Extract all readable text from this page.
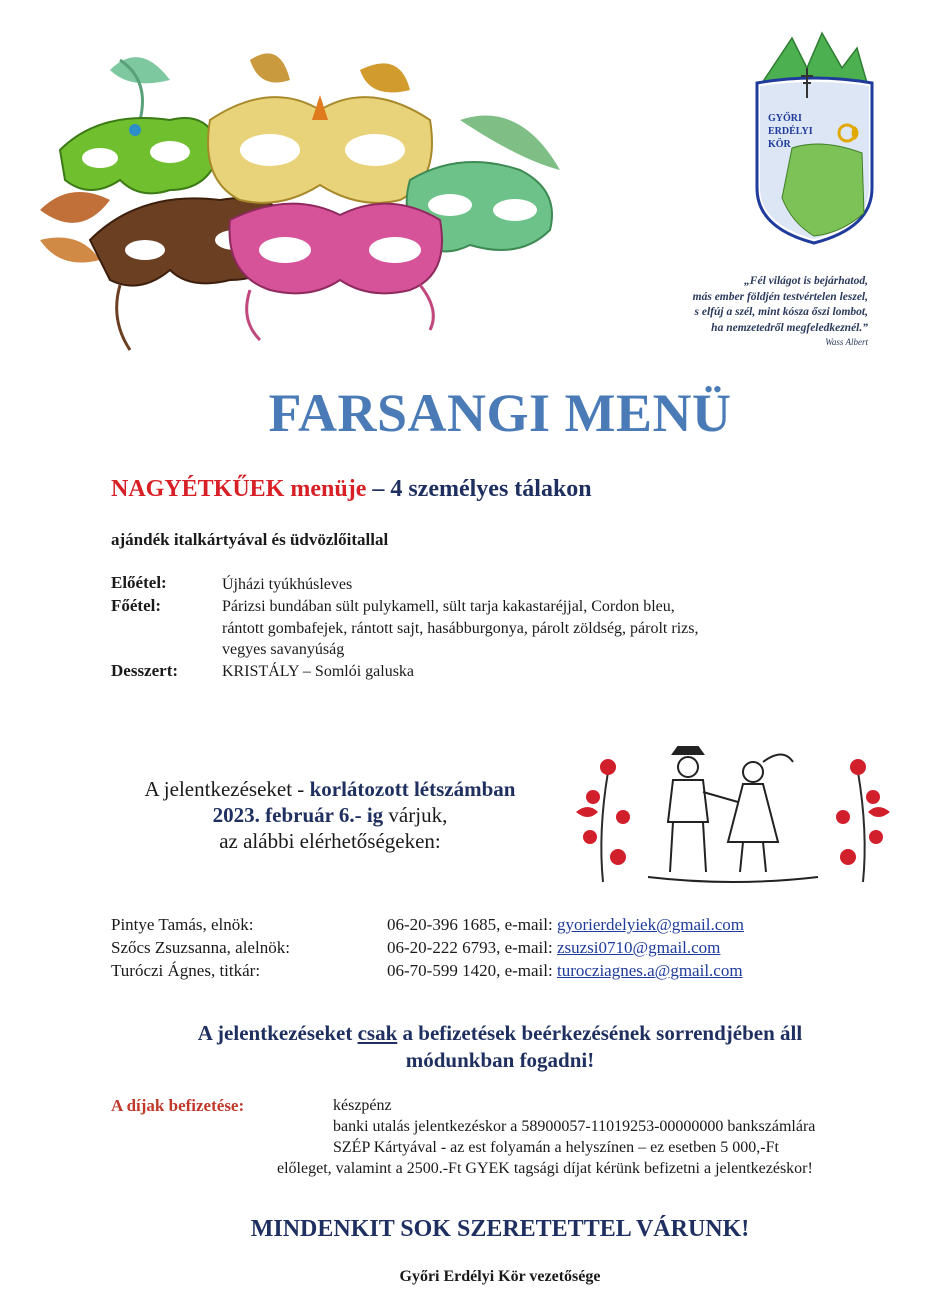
GYŐRI
ERDÉLYI
KÖR
„Fél világot is bejárhatod,
más ember földjén testvértelen leszel,
s elfúj a szél, mint kósza őszi lombot,
ha nemzetedről megfeledkeznél.”
Wass Albert
FARSANGI MENÜ
NAGYÉTKŰEK menüje – 4 személyes tálakon
ajándék italkártyával és üdvözlőitallal
Előétel:	Újházi tyúkhúsleves
Főétel:	Párizsi bundában sült pulykamell, sült tarja kakastaréjjal, Cordon bleu,
rántott gombafejek, rántott sajt, hasábburgonya, párolt zöldség, párolt rizs,
vegyes savanyúság
Desszert:	KRISTÁLY – Somlói galuska
A jelentkezéseket - korlátozott létszámban
2023. február 6.- ig várjuk,
az alábbi elérhetőségeken:
Pintye Tamás, elnök:	06-20-396 1685, e-mail: gyorierdelyiek@gmail.com
Szőcs Zsuzsanna, alelnök:	06-20-222 6793, e-mail: zsuzsi0710@gmail.com
Turóczi Ágnes, titkár:	06-70-599 1420, e-mail: turocziagnes.a@gmail.com
A jelentkezéseket csak a befizetések beérkezésének sorrendjében áll
módunkban fogadni!
A díjak befizetése:	készpénz
banki utalás jelentkezéskor a 58900057-11019253-00000000 bankszámlára
SZÉP Kártyával - az est folyamán a helyszínen – ez esetben 5 000,-Ft
előleget, valamint a 2500.-Ft GYEK tagsági díjat kérünk befizetni a jelentkezéskor!
MINDENKIT SOK SZERETETTEL VÁRUNK!
Győri Erdélyi Kör vezetősége
